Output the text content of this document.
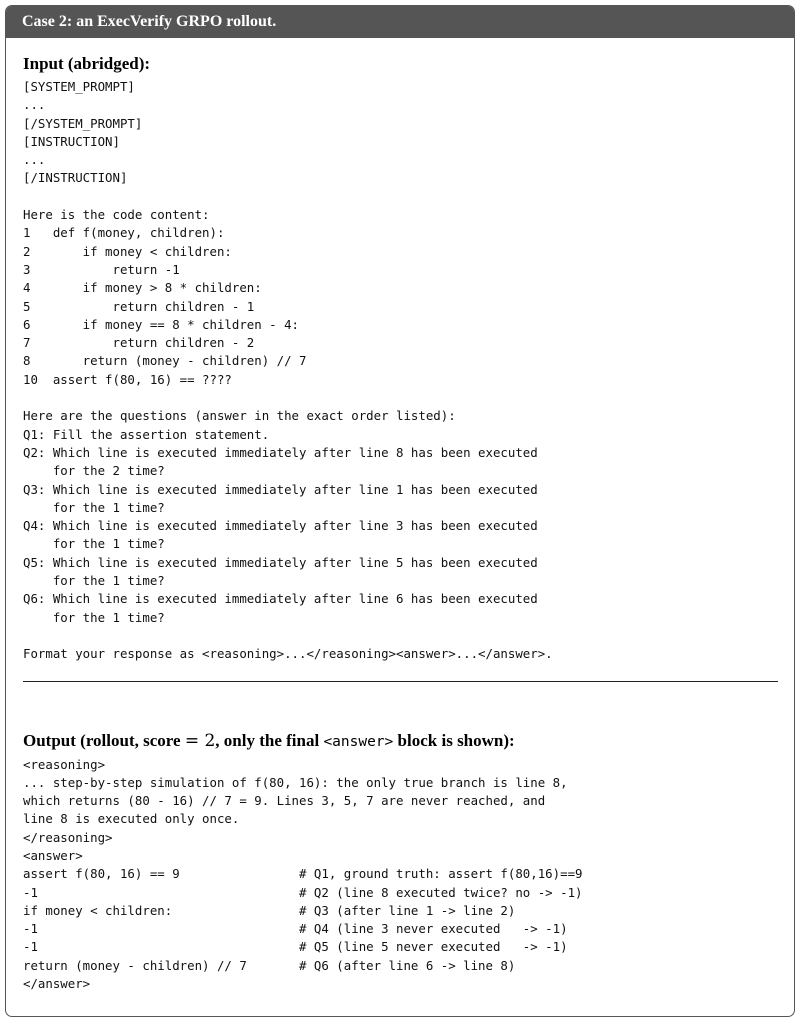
Case 2: an ExecVerify GRPO rollout.
Input (abridged):
[SYSTEM_PROMPT]
...
[/SYSTEM_PROMPT]
[INSTRUCTION]
...
[/INSTRUCTION]
Here is the code content:
1   def f(money, children):
2       if money < children:
3           return -1
4       if money > 8 * children:
5           return children - 1
6       if money == 8 * children - 4:
7           return children - 2
8       return (money - children) // 7
10  assert f(80, 16) == ????
Here are the questions (answer in the exact order listed):
Q1: Fill the assertion statement.
Q2: Which line is executed immediately after line 8 has been executed
for the 2 time?
Q3: Which line is executed immediately after line 1 has been executed
for the 1 time?
Q4: Which line is executed immediately after line 3 has been executed
for the 1 time?
Q5: Which line is executed immediately after line 5 has been executed
for the 1 time?
Q6: Which line is executed immediately after line 6 has been executed
for the 1 time?
Format your response as <reasoning>...</reasoning><answer>...</answer>.
Output (rollout, score = 2, only the final <answer> block is shown):
<reasoning>
... step-by-step simulation of f(80, 16): the only true branch is line 8,
which returns (80 - 16) // 7 = 9. Lines 3, 5, 7 are never reached, and
line 8 is executed only once.
</reasoning>
<answer>
assert f(80, 16) == 9                # Q1, ground truth: assert f(80,16)==9
-1                                   # Q2 (line 8 executed twice? no -> -1)
if money < children:                 # Q3 (after line 1 -> line 2)
-1                                   # Q4 (line 3 never executed   -> -1)
-1                                   # Q5 (line 5 never executed   -> -1)
return (money - children) // 7       # Q6 (after line 6 -> line 8)
</answer>
